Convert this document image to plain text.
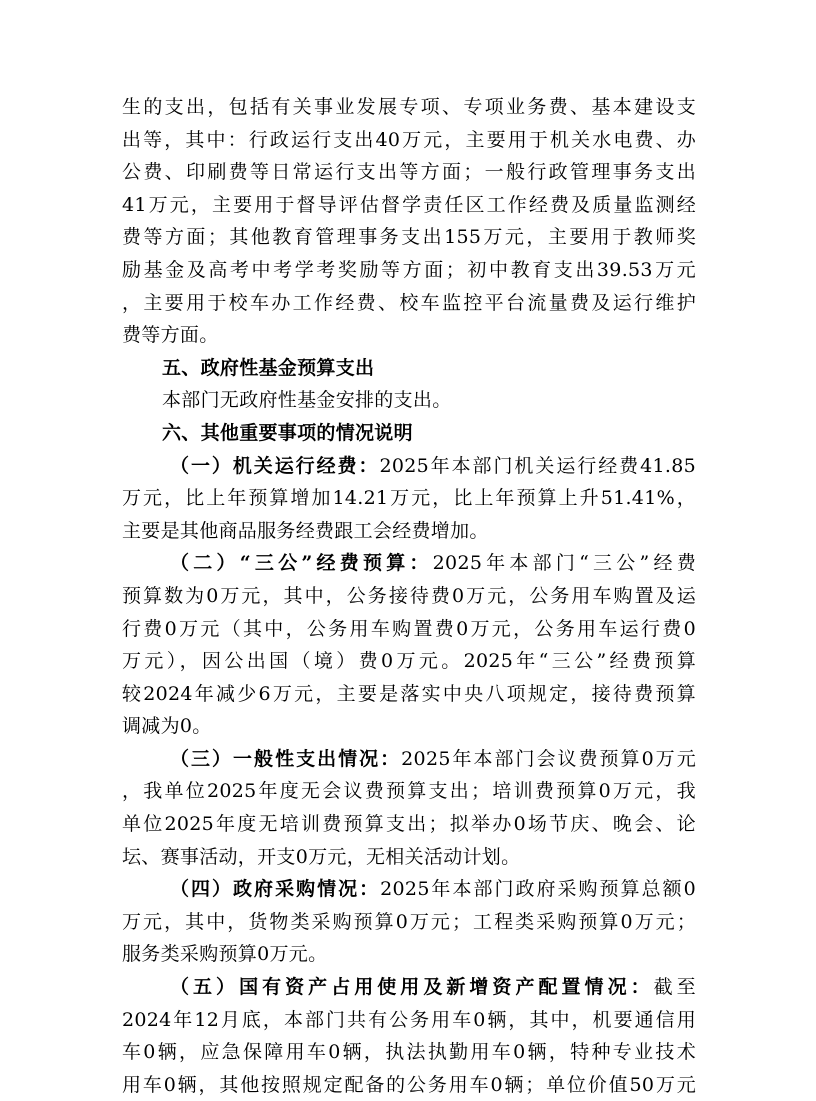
生的支出，包括有关事业发展专项、专项业务费、基本建设支
出等，其中：行政运行支出40万元，主要用于机关水电费、办
公费、印刷费等日常运行支出等方面；一般行政管理事务支出
41万元，主要用于督导评估督学责任区工作经费及质量监测经
费等方面；其他教育管理事务支出155万元，主要用于教师奖
励基金及高考中考学考奖励等方面；初中教育支出39.53万元
，主要用于校车办工作经费、校车监控平台流量费及运行维护
费等方面。
五、政府性基金预算支出
本部门无政府性基金安排的支出。
六、其他重要事项的情况说明
（一）机关运行经费：2025年本部门机关运行经费41.85
万元，比上年预算增加14.21万元，比上年预算上升51.41%，
主要是其他商品服务经费跟工会经费增加。
（二）“三公”经费预算：2025年本部门“三公”经费
预算数为0万元，其中，公务接待费0万元，公务用车购置及运
行费0万元（其中，公务用车购置费0万元，公务用车运行费0
万元），因公出国（境）费0万元。2025年“三公”经费预算
较2024年减少6万元，主要是落实中央八项规定，接待费预算
调减为0。
（三）一般性支出情况：2025年本部门会议费预算0万元
，我单位2025年度无会议费预算支出；培训费预算0万元，我
单位2025年度无培训费预算支出；拟举办0场节庆、晚会、论
坛、赛事活动，开支0万元，无相关活动计划。
（四）政府采购情况：2025年本部门政府采购预算总额0
万元，其中，货物类采购预算0万元；工程类采购预算0万元；
服务类采购预算0万元。
（五）国有资产占用使用及新增资产配置情况：截至
2024年12月底，本部门共有公务用车0辆，其中，机要通信用
车0辆，应急保障用车0辆，执法执勤用车0辆，特种专业技术
用车0辆，其他按照规定配备的公务用车0辆；单位价值50万元
